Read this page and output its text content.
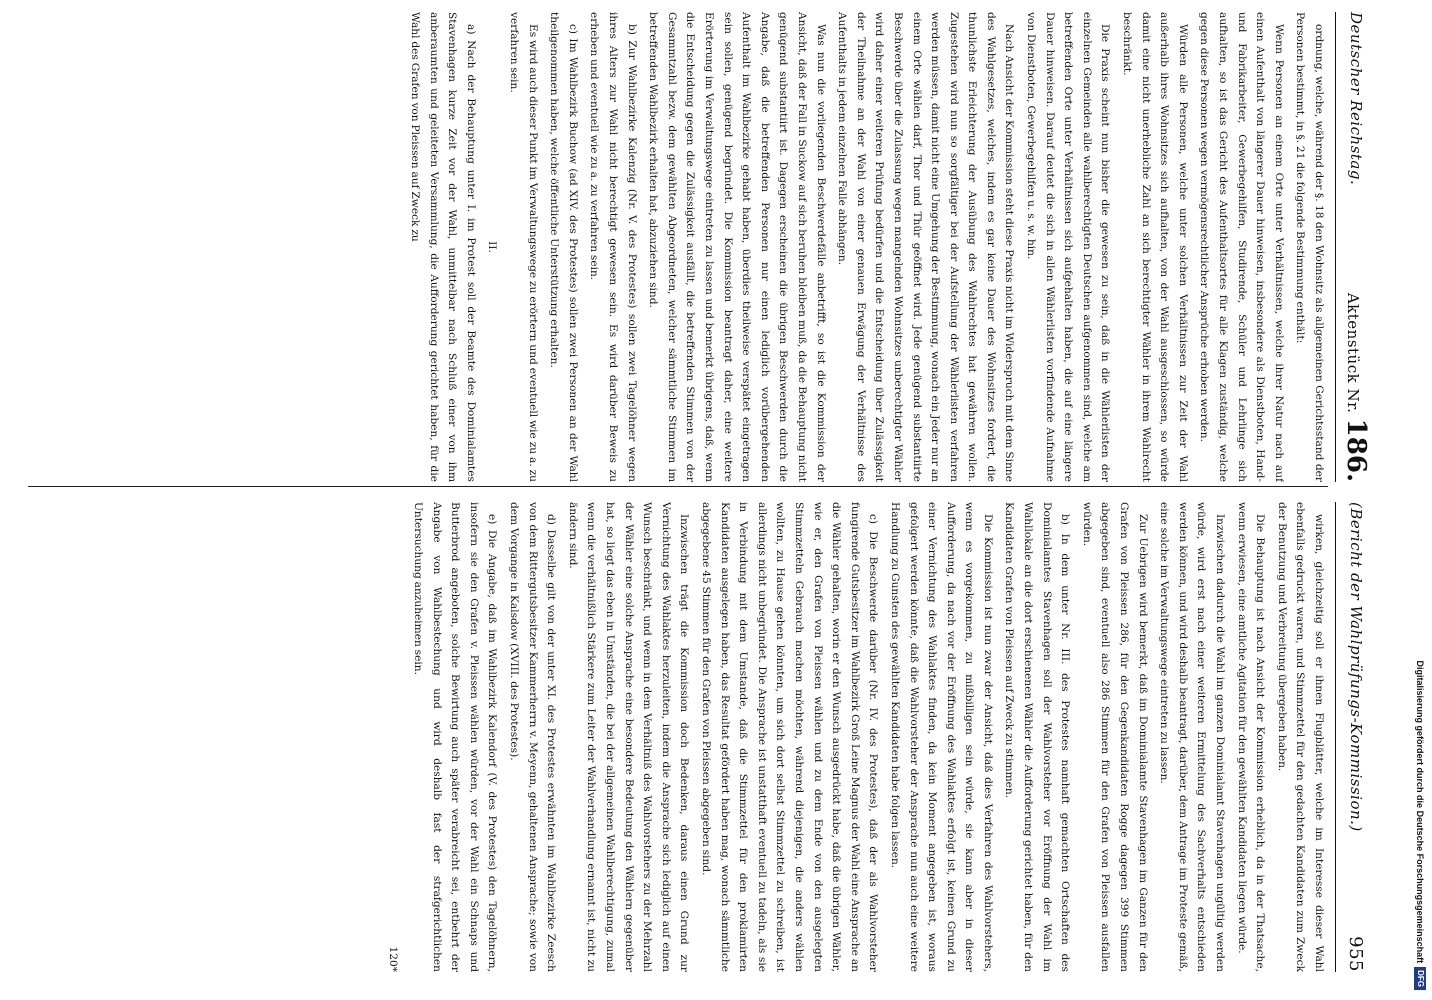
Deutscher Reichstag.
Aktenstück Nr. 186.

ordnung, welche, während der §. 18 den Wohnsitz als allgemeinen Gerichtsstand der Personen bestimmt, in §. 21 die folgende Bestimmung enthält:

Wenn Personen an einem Orte unter Verhältnissen, welche ihrer Natur nach auf einen Aufenthalt von längerer Dauer hinweisen, insbesondere als Dienstboten, Hand- und Fabrikarbeiter, Gewerbegehilfen, Studirende, Schüler und Lehrlinge sich aufhalten, so ist das Gericht des Aufenthaltsortes für alle Klagen zuständig, welche gegen diese Personen wegen vermögensrechtlicher Ansprüche erhoben werden.

Würden alle Personen, welche unter solchen Verhältnissen zur Zeit der Wahl außerhalb ihres Wohnsitzes sich aufhalten, von der Wahl ausgeschlossen, so würde damit eine nicht unerhebliche Zahl an sich berechtigter Wähler in ihrem Wahlrecht beschränkt.

Die Praxis scheint nun bisher die gewesen zu sein, daß in die Wählerlisten der einzelnen Gemeinden alle wahlberechtigten Deutschen aufgenommen sind, welche am betreffenden Orte unter Verhältnissen sich aufgehalten haben, die auf eine längere Dauer hinweisen. Darauf deutet die sich in allen Wählerlisten vorfindende Aufnahme von Dienstboten, Gewerbegehilfen u. s. w. hin.

Nach Ansicht der Kommission steht diese Praxis nicht im Widerspruch mit dem Sinne des Wahlgesetzes, welches, indem es gar keine Dauer des Wohnsitzes fordert, die thunlichste Erleichterung der Ausübung des Wahlrechtes hat gewähren wollen. Zugestehen wird nun so sorgfältiger bei der Aufstellung der Wählerlisten verfahren werden müssen, damit nicht eine Umgehung der Bestimmung, wonach ein Jeder nur an einem Orte wählen darf, Thor und Thür geöffnet wird. Jede genügend substantiirte Beschwerde über die Zulassung wegen mangelnden Wohnsitzes unberechtigter Wähler wird daher einer weiteren Prüfung bedürfen und die Entscheidung über Zulässigkeit der Theilnahme an der Wahl von einer genauen Erwägung der Verhältnisse des Aufenthalts in jedem einzelnen Falle abhängen.

Was nun die vorliegenden Beschwerdefälle anbetrifft, so ist die Kommission der Ansicht, daß der Fall in Suckow auf sich beruhen bleiben muß, da die Behauptung nicht genügend substantiirt ist. Dagegen erscheinen die übrigen Beschwerden durch die Angabe, daß die betreffenden Personen nur einen lediglich vorübergehenden Aufenthalt im Wahlbezirke gehabt haben, überdies theilweise verspätet eingetragen sein sollen, genügend begründet. Die Kommission beantragt daher, eine weitere Erörterung im Verwaltungswege eintreten zu lassen und bemerkt übrigens, daß, wenn die Entscheidung gegen die Zulässigkeit ausfällt, die betreffenden Stimmen von der Gesammtzahl bezw. dem gewählten Abgeordneten, welcher sämmtliche Stimmen im betreffenden Wahlbezirk erhalten hat, abzuziehen sind.

b) Zur Wahlbezirke Kalenzig (Nr. V. des Protestes) sollen zwei Tagelöhner wegen ihres Alters zur Wahl nicht berechtigt gewesen sein. Es wird darüber Beweis zu erheben und eventuell wie zu a. zu verfahren sein.

c) Im Wahlbezirk Buchow (ad XIV. des Protestes) sollen zwei Personen an der Wahl theilgenommen haben, welche öffentliche Unterstützung erhalten.

Es wird auch dieser Punkt im Verwaltungswege zu erörtern und eventuell wie zu a. zu verfahren sein.

II.

a) Nach der Behauptung unter I. im Protest soll der Beamte des Dominialamtes Stavenhagen kurze Zeit vor der Wahl, unmittelbar nach Schluß einer von ihm anberaumten und geleiteten Versammlung, die Aufforderung gerichtet haben, für die Wahl des Grafen von Pleissen auf Zweck zu

(Bericht der Wahlprüfungs-Kommission.)
955

wirken, gleichzeitig soll er ihnen Flugblätter, welche im Interesse dieser Wahl ebenfalls gedruckt waren, und Stimmzettel für den gedachten Kandidaten zum Zweck der Benutzung und Verbreitung übergeben haben.

Die Behauptung ist nach Ansicht der Kommission erheblich, da in der Thatsache, wenn erwiesen, eine amtliche Agitation für den gewählten Kandidaten liegen würde.

Inzwischen dadurch die Wahl im ganzen Dominialamt Stavenhagen ungültig werden würde, wird erst nach einer weiteren Ermittelung des Sachverhalts entschieden werden können, und wird deshalb beantragt, darüber, dem Antrage im Proteste gemäß, eine solche im Verwaltungswege eintreten zu lassen.

Zur Uebrigen wird bemerkt, daß im Dominialamte Stavenhagen im Ganzen für den Grafen von Pleissen 286, für den Gegenkandidaten Rogge dagegen 399 Stimmen abgegeben sind, eventuell also 286 Stimmen für den Grafen von Pleissen ausfallen würden.

b) In dem unter Nr. III. des Protestes namhaft gemachten Ortschaften des Dominialamtes Stavenhagen soll der Wahlvorsteher vor Eröffnung der Wahl im Wahllokale an die dort erschienenen Wähler die Aufforderung gerichtet haben, für den Kandidaten Grafen von Pleissen auf Zweck zu stimmen.

Die Kommission ist nun zwar der Ansicht, daß dies Verfahren des Wahlvorstehers, wenn es vorgekommen, zu mißbilligen sein würde, sie kann aber in dieser Aufforderung, da nach vor der Eröffnung des Wahlaktes erfolgt ist, keinen Grund zu einer Vernichtung des Wahlaktes finden, da kein Moment angegeben ist, woraus gefolgert werden könnte, daß die Wahlvorsteher der Ansprache nun auch eine weitere Handlung zu Gunsten des gewählten Kandidaten habe folgen lassen.

c) Die Beschwerde darüber (Nr. IV. des Protestes), daß der als Wahlvorsteher fungirende Gutsbesitzer im Wahlbezirk Groß Leine Magnus der Wahl eine Ansprache an die Wähler gehalten, worin er den Wunsch ausgedrückt habe, daß die übrigen Wähler, wie er, den Grafen von Pleissen wählen und zu dem Ende von den ausgelegten Stimmzetteln Gebrauch machen möchten, während diejenigen, die anders wählen wollten, zu Hause gehen könnten, um sich dort selbst Stimmzettel zu schreiben, ist allerdings nicht unbegründet. Die Ansprache ist unstatthaft eventuell zu tadeln, als sie in Verbindung mit dem Umstande, daß die Stimmzettel für den proklamirten Kandidaten ausgelegen haben, das Resultat gefördert haben mag, wonach sämmtliche abgegebene 45 Stimmen für den Grafen von Pleissen abgegeben sind.

Inzwischen trägt die Kommission doch Bedenken, daraus einen Grund zur Vernichtung des Wahlaktes herzuleiten, indem die Ansprache sich lediglich auf einen Wunsch beschränkt, und wenn in dem Verhältniß des Wahlvorstehers zu der Mehrzahl der Wähler eine solche Ansprache eine besondere Bedeutung den Wählern gegenüber hat, so liegt das eben in Umständen, die bei der allgemeinen Wahlberechtigung, zumal wenn die verhältnißlich Stärkere zum Leiter der Wahlverhandlung ernannt ist, nicht zu ändern sind.

d) Dasselbe gilt von der unter XI. des Protestes erwähnten im Wahlbezirke Zeesch von dem Rittergutsbesitzer Kammerherrn v. Meyenn, gehaltenen Ansprache; sowie von dem Vorgange in Kalsdow (XVIII. des Protestes).

e) Die Angabe, daß im Wahlbezirk Kalendorf (V. des Protestes) den Tagelöhnern, insofern sie den Grafen v. Pleissen wählen würden, vor der Wahl ein Schnaps und Butterbrod angeboten, solche Bewirtung auch später verabreicht sei, entbehrt der Angabe von Wahlbestechung und wird deshalb fast der strafgerichtlichen Untersuchung anzuheimen sein.

120*	Digitalisierung gefördert durch die Deutsche Forschungsgemeinschaft
DFG
